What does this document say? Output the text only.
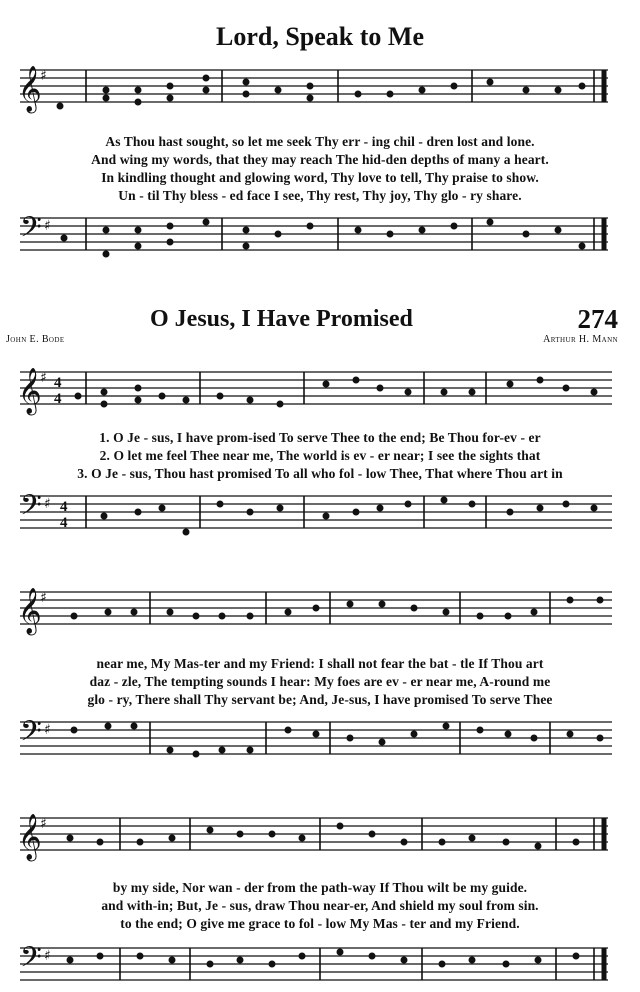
Lord, Speak to Me
𝄞
♯

As Thou hast sought, so let me seek Thy err - ing chil - dren lost and lone.

And wing my words, that they may reach The hid-den depths of many a heart.

In kindling thought and glowing word, Thy love to tell, Thy praise to show.

Un - til Thy bless - ed face I see, Thy rest, Thy joy, Thy glo - ry share.

𝄢 ♯
O Jesus, I Have Promised	274
John E. Bode	Arthur H. Mann
𝄞
♯ 4
4

1. O Je - sus, I have prom-ised To serve Thee to the end; Be Thou for-ev - er

2. O let me feel Thee near me, The world is ev - er near; I see the sights that

3. O Je - sus, Thou hast promised To all who fol - low Thee, That where Thou art in

𝄢 ♯ 4
4
𝄞
♯

near me, My Mas-ter and my Friend: I shall not fear the bat - tle If Thou art

daz - zle, The tempting sounds I hear: My foes are ev - er near me, A-round me

glo - ry, There shall Thy servant be; And, Je-sus, I have promised To serve Thee

𝄢 ♯
𝄞
♯

by my side, Nor wan - der from the path-way If Thou wilt be my guide.

and with-in; But, Je - sus, draw Thou near-er, And shield my soul from sin.

to the end; O give me grace to fol - low My Mas - ter and my Friend.

𝄢 ♯
